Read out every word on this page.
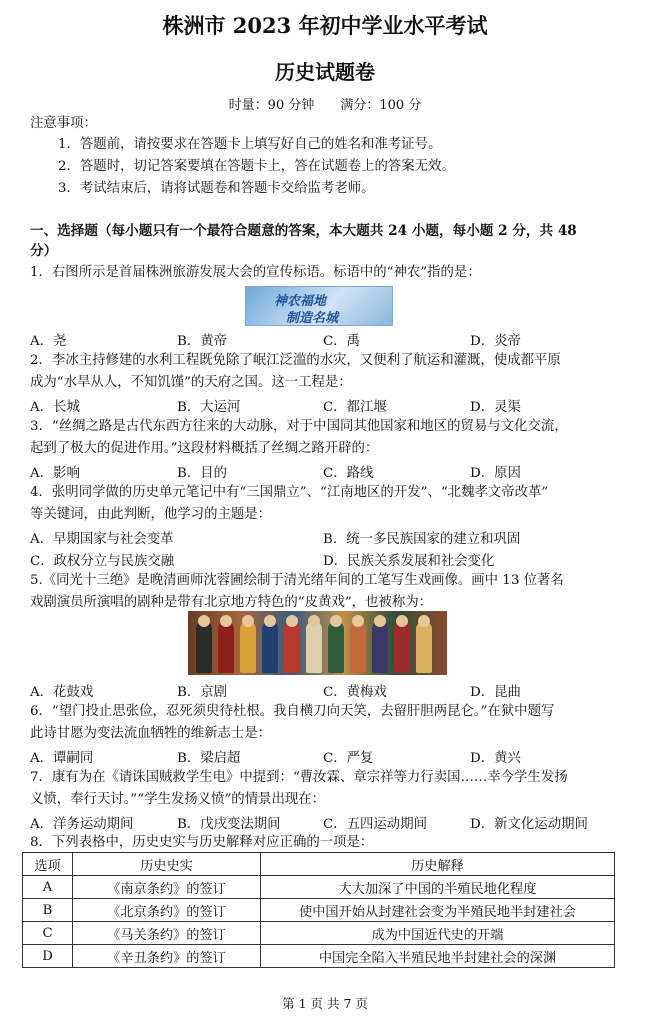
株洲市 2023 年初中学业水平考试
历史试题卷
时量：90 分钟 满分：100 分
注意事项：
1．答题前，请按要求在答题卡上填写好自己的姓名和准考证号。
2．答题时，切记答案要填在答题卡上，答在试题卷上的答案无效。
3．考试结束后，请将试题卷和答题卡交给监考老师。
一、选择题（每小题只有一个最符合题意的答案，本大题共 24 小题，每小题 2 分，共 48
分）
1．右图所示是首届株洲旅游发展大会的宣传标语。标语中的“神农”指的是：
神农福地
制造名城
A．尧	B．黄帝	C．禹	D．炎帝
2．李冰主持修建的水利工程既免除了岷江泛滥的水灾，又便利了航运和灌溉，使成都平原
成为“水旱从人，不知饥馑”的天府之国。这一工程是：
A．长城	B．大运河	C．都江堰	D．灵渠
3．“丝绸之路是古代东西方往来的大动脉，对于中国同其他国家和地区的贸易与文化交流，
起到了极大的促进作用。”这段材料概括了丝绸之路开辟的：
A．影响	B．目的	C．路线	D．原因
4．张明同学做的历史单元笔记中有“三国鼎立”、“江南地区的开发”、“北魏孝文帝改革”
等关键词，由此判断，他学习的主题是：
A．早期国家与社会变革	B．统一多民族国家的建立和巩固
C．政权分立与民族交融	D．民族关系发展和社会变化
5.《同光十三绝》是晚清画师沈蓉圃绘制于清光绪年间的工笔写生戏画像。画中 13 位著名
戏剧演员所演唱的剧种是带有北京地方特色的“皮黄戏”，也被称为：
A．花鼓戏	B．京剧	C．黄梅戏	D．昆曲
6．“望门投止思张俭，忍死须臾待杜根。我自横刀向天笑，去留肝胆两昆仑。”在狱中题写
此诗甘愿为变法流血牺牲的维新志士是：
A．谭嗣同	B．梁启超	C．严复	D．黄兴
7．康有为在《请诛国贼救学生电》中提到：“曹汝霖、章宗祥等力行卖国……幸今学生发扬
义愤，奉行天讨。”“学生发扬义愤”的情景出现在：
A．洋务运动期间	B．戊戌变法期间	C．五四运动期间	D．新文化运动期间
8．下列表格中，历史史实与历史解释对应正确的一项是：
选项	历史史实	历史解释
A	《南京条约》的签订	大大加深了中国的半殖民地化程度
B	《北京条约》的签订	使中国开始从封建社会变为半殖民地半封建社会
C	《马关条约》的签订	成为中国近代史的开端
D	《辛丑条约》的签订	中国完全陷入半殖民地半封建社会的深渊
第 1 页 共 7 页
